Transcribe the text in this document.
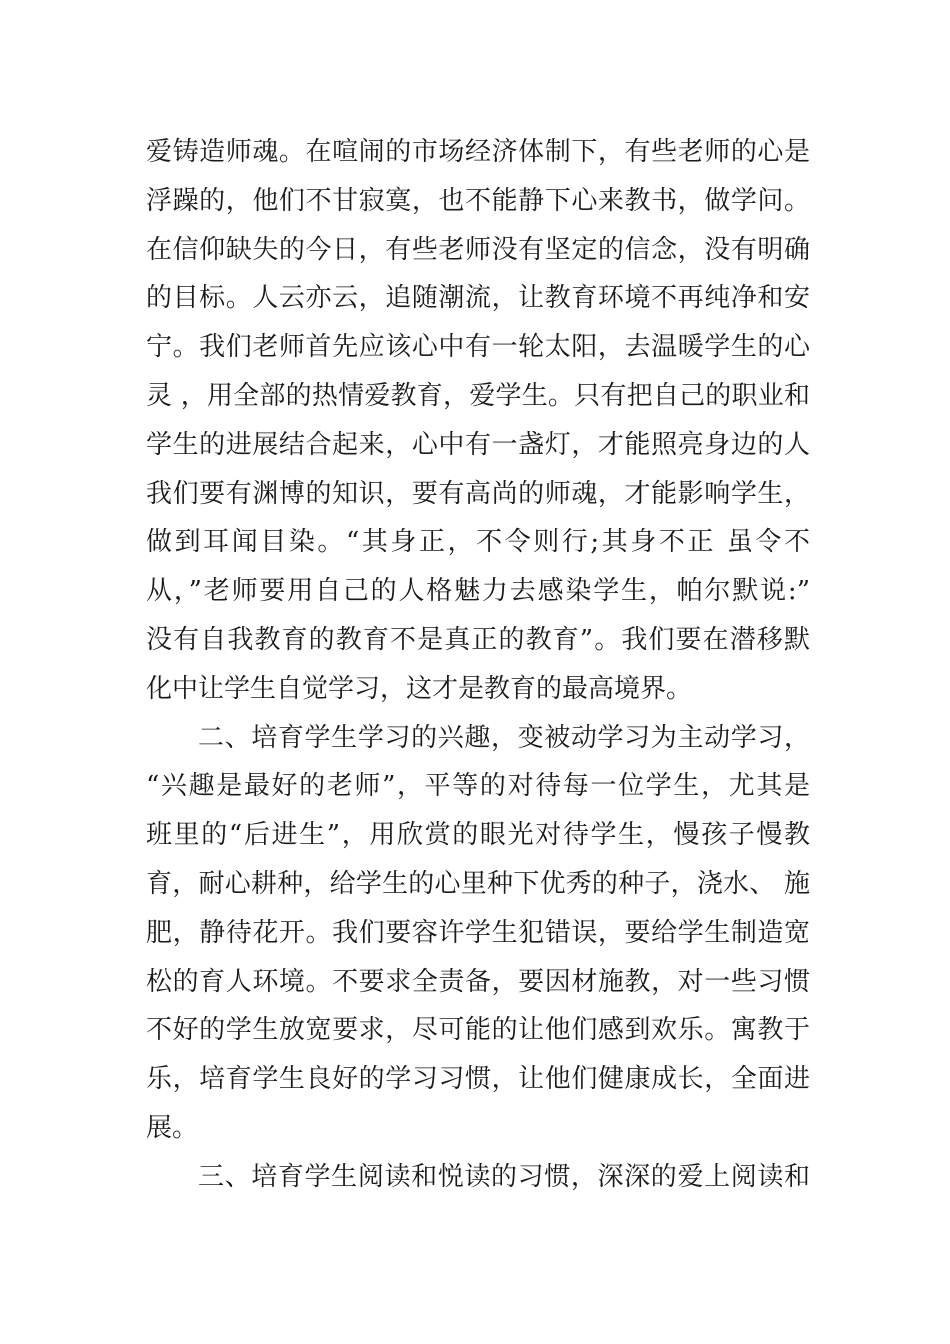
爱铸造师魂。在喧闹的市场经济体制下，有些老师的心是
浮躁的，他们不甘寂寞，也不能静下心来教书，做学问。
在信仰缺失的今日，有些老师没有坚定的信念，没有明确
的目标。人云亦云，追随潮流，让教育环境不再纯净和安
宁。我们老师首先应该心中有一轮太阳，去温暖学生的心
灵 ，用全部的热情爱教育，爱学生。只有把自己的职业和
学生的进展结合起来，心中有一盏灯，才能照亮身边的人
我们要有渊博的知识，要有高尚的师魂，才能影响学生，
做到耳闻目染。“其身正，不令则行;其身不正 虽令不
从，”老师要用自己的人格魅力去感染学生，帕尔默说:”
没有自我教育的教育不是真正的教育”。我们要在潜移默
化中让学生自觉学习，这才是教育的最高境界。
二、培育学生学习的兴趣，变被动学习为主动学习，
“兴趣是最好的老师”，平等的对待每一位学生，尤其是
班里的“后进生”，用欣赏的眼光对待学生，慢孩子慢教
育，耐心耕种，给学生的心里种下优秀的种子，浇水、 施
肥，静待花开。我们要容许学生犯错误，要给学生制造宽
松的育人环境。不要求全责备，要因材施教，对一些习惯
不好的学生放宽要求，尽可能的让他们感到欢乐。寓教于
乐，培育学生良好的学习习惯，让他们健康成长，全面进
展。
三、培育学生阅读和悦读的习惯，深深的爱上阅读和
